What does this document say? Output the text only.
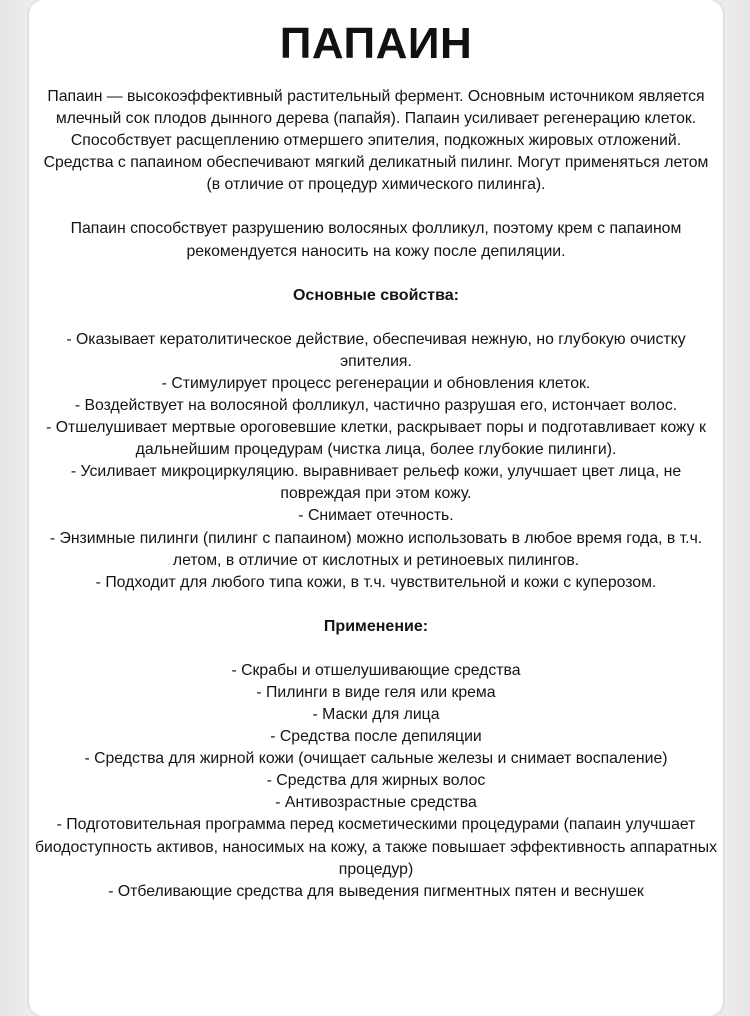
ПАПАИН

Папаин — высокоэффективный растительный фермент. Основным источником является млечный сок плодов дынного дерева (папайя). Папаин усиливает регенерацию клеток. Способствует расщеплению отмершего эпителия, подкожных жировых отложений. Средства с папаином обеспечивают мягкий деликатный пилинг. Могут применяться летом (в отличие от процедур химического пилинга).

Папаин способствует разрушению волосяных фолликул, поэтому крем с папаином рекомендуется наносить на кожу после депиляции.

Основные свойства:
- Оказывает кератолитическое действие, обеспечивая нежную, но глубокую очистку эпителия.
- Стимулирует процесс регенерации и обновления клеток.
- Воздействует на волосяной фолликул, частично разрушая его, истончает волос.
- Отшелушивает мертвые ороговевшие клетки, раскрывает поры и подготавливает кожу к дальнейшим процедурам (чистка лица, более глубокие пилинги).
- Усиливает микроциркуляцию. выравнивает рельеф кожи, улучшает цвет лица, не повреждая при этом кожу.
- Снимает отечность.
- Энзимные пилинги (пилинг с папаином) можно использовать в любое время года, в т.ч. летом, в отличие от кислотных и ретиноевых пилингов.
- Подходит для любого типа кожи, в т.ч. чувствительной и кожи с куперозом.
Применение:
- Скрабы и отшелушивающие средства
- Пилинги в виде геля или крема
- Маски для лица
- Средства после депиляции
- Средства для жирной кожи (очищает сальные железы и снимает воспаление)
- Средства для жирных волос
- Антивозрастные средства
- Подготовительная программа перед косметическими процедурами (папаин улучшает биодоступность активов, наносимых на кожу, а также повышает эффективность аппаратных процедур)
- Отбеливающие средства для выведения пигментных пятен и веснушек
